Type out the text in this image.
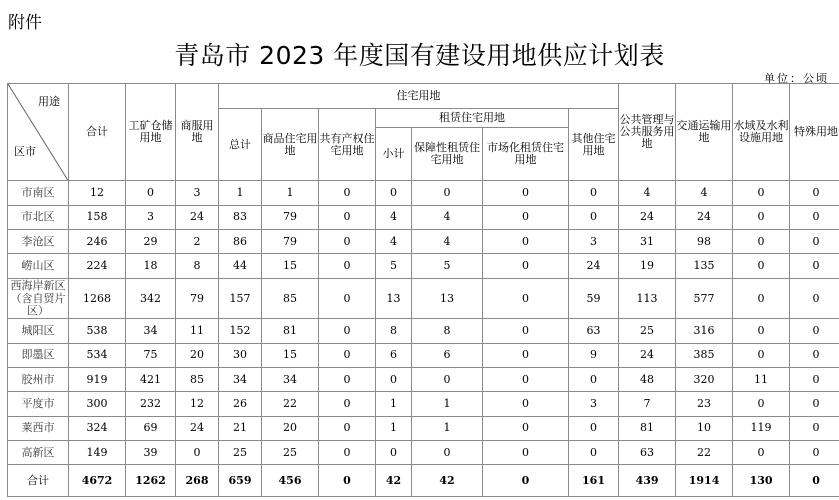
附件
青岛市 2023 年度国有建设用地供应计划表
单位：公顷
用途
区市	合计	工矿仓储用地	商服用地	住宅用地							公共管理与公共服务用地	交通运输用地	水域及水利设施用地	特殊用地
				总计	商品住宅用地	共有产权住宅用地	租赁住宅用地			其他住宅用地				
							小计	保障性租赁住宅用地	市场化租赁住宅用地					
市南区	12	0	3	1	1	0	0	0	0	0	4	4	0	0
市北区	158	3	24	83	79	0	4	4	0	0	24	24	0	0
李沧区	246	29	2	86	79	0	4	4	0	3	31	98	0	0
崂山区	224	18	8	44	15	0	5	5	0	24	19	135	0	0
西海岸新区（含自贸片区）	1268	342	79	157	85	0	13	13	0	59	113	577	0	0
城阳区	538	34	11	152	81	0	8	8	0	63	25	316	0	0
即墨区	534	75	20	30	15	0	6	6	0	9	24	385	0	0
胶州市	919	421	85	34	34	0	0	0	0	0	48	320	11	0
平度市	300	232	12	26	22	0	1	1	0	3	7	23	0	0
莱西市	324	69	24	21	20	0	1	1	0	0	81	10	119	0
高新区	149	39	0	25	25	0	0	0	0	0	63	22	0	0
合计	4672	1262	268	659	456	0	42	42	0	161	439	1914	130	0
